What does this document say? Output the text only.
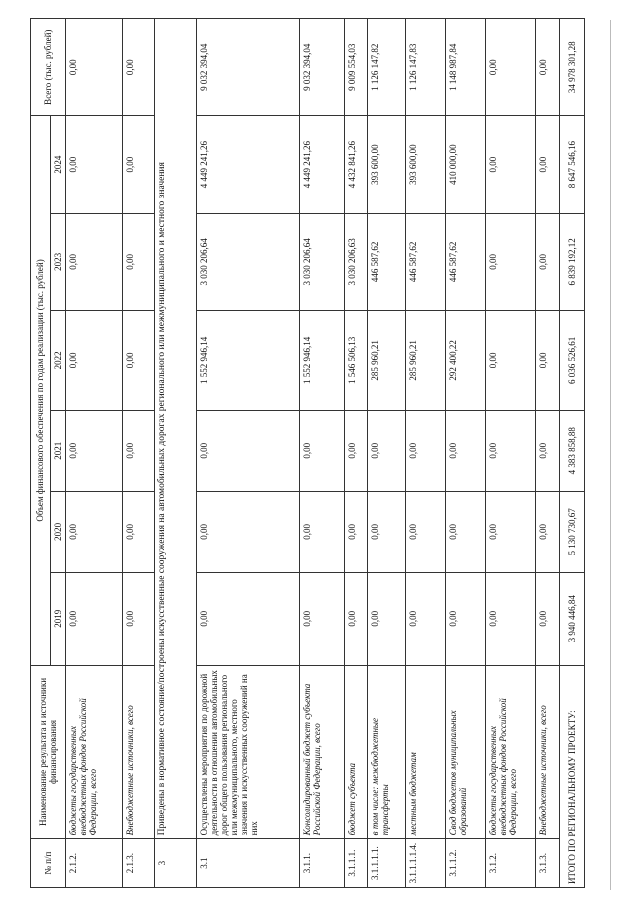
№ п/п	Наименование результата и источники финансирования	Объем финансового обеспечения по годам реализации (тыс. рублей)						Всего (тыс. рублей)
		2019	2020	2021	2022	2023	2024	
2.1.2.	бюджеты государственных внебюджетных фондов Российской Федерации, всего	0,00	0,00	0,00	0,00	0,00	0,00	0,00
2.1.3.	Внебюджетные источники, всего	0,00	0,00	0,00	0,00	0,00	0,00	0,00
3	Приведены в нормативное состояние/построены искусственные сооружения на автомобильных дорогах регионального или межмуниципального и местного значения							
3.1	Осуществлены мероприятия по дорожной деятельности в отношении автомобильных дорог общего пользования регионального или межмуниципального, местного значения и искусственных сооружений на них	0,00	0,00	0,00	1 552 946,14	3 030 206,64	4 449 241,26	9 032 394,04
3.1.1.	Консолидированный бюджет субъекта Российской Федерации, всего	0,00	0,00	0,00	1 552 946,14	3 030 206,64	4 449 241,26	9 032 394,04
3.1.1.1.	бюджет субъекта	0,00	0,00	0,00	1 546 506,13	3 030 206,63	4 432 841,26	9 009 554,03
3.1.1.1.1.	в том числе: межбюджетные трансферты	0,00	0,00	0,00	285 960,21	446 587,62	393 600,00	1 126 147,82
3.1.1.1.1.4.	местным бюджетам	0,00	0,00	0,00	285 960,21	446 587,62	393 600,00	1 126 147,83
3.1.1.2.	Свод бюджетов муниципальных образований	0,00	0,00	0,00	292 400,22	446 587,62	410 000,00	1 148 987,84
3.1.2.	бюджеты государственных внебюджетных фондов Российской Федерации, всего	0,00	0,00	0,00	0,00	0,00	0,00	0,00
3.1.3.	Внебюджетные источники, всего	0,00	0,00	0,00	0,00	0,00	0,00	0,00
ИТОГО ПО РЕГИОНАЛЬНОМУ ПРОЕКТУ:		3 940 446,84	5 130 730,67	4 383 858,88	6 036 526,61	6 839 192,12	8 647 546,16	34 978 301,28
